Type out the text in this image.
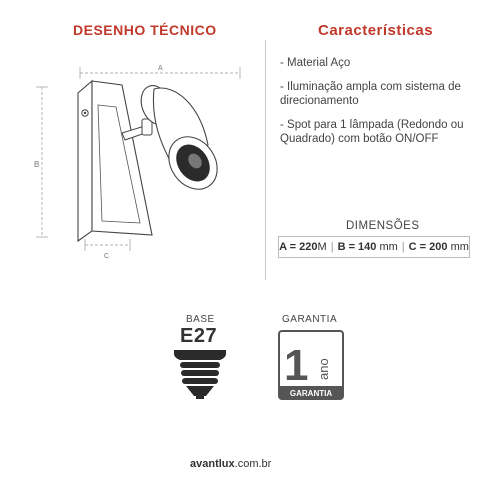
DESENHO TÉCNICO	Características
A
B
C
- Material Aço
- Iluminação ampla com sistema de direcionamento
- Spot para 1 lâmpada (Redondo ou Quadrado) com botão ON/OFF
DIMENSÕES
A = 220 M | B = 140
mm | C = 200
mm
BASE
E27
GARANTIA
1 ano
GARANTIA
avantlux.com.br
